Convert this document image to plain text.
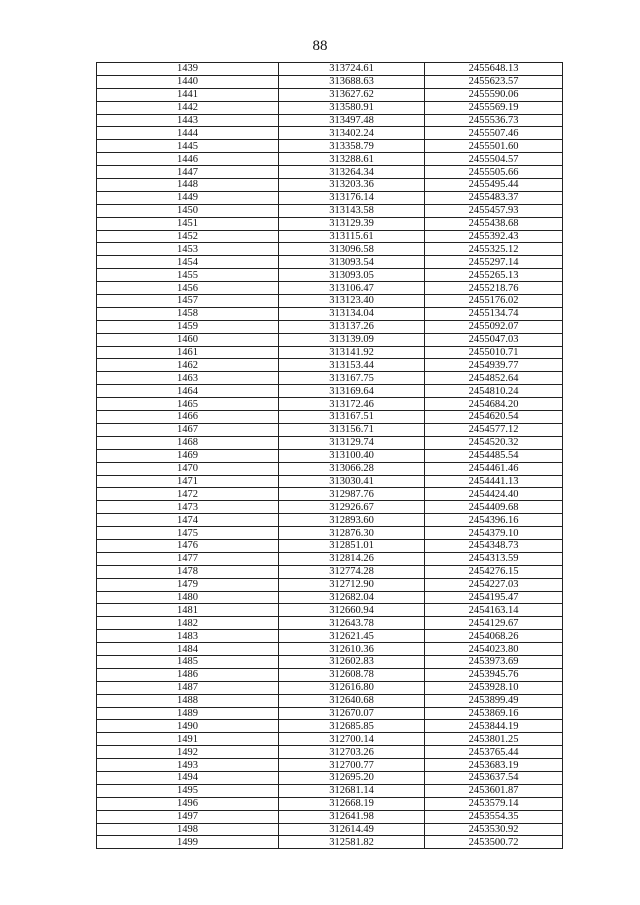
88
1439	313724.61	2455648.13
1440	313688.63	2455623.57
1441	313627.62	2455590.06
1442	313580.91	2455569.19
1443	313497.48	2455536.73
1444	313402.24	2455507.46
1445	313358.79	2455501.60
1446	313288.61	2455504.57
1447	313264.34	2455505.66
1448	313203.36	2455495.44
1449	313176.14	2455483.37
1450	313143.58	2455457.93
1451	313129.39	2455438.68
1452	313115.61	2455392.43
1453	313096.58	2455325.12
1454	313093.54	2455297.14
1455	313093.05	2455265.13
1456	313106.47	2455218.76
1457	313123.40	2455176.02
1458	313134.04	2455134.74
1459	313137.26	2455092.07
1460	313139.09	2455047.03
1461	313141.92	2455010.71
1462	313153.44	2454939.77
1463	313167.75	2454852.64
1464	313169.64	2454810.24
1465	313172.46	2454684.20
1466	313167.51	2454620.54
1467	313156.71	2454577.12
1468	313129.74	2454520.32
1469	313100.40	2454485.54
1470	313066.28	2454461.46
1471	313030.41	2454441.13
1472	312987.76	2454424.40
1473	312926.67	2454409.68
1474	312893.60	2454396.16
1475	312876.30	2454379.10
1476	312851.01	2454348.73
1477	312814.26	2454313.59
1478	312774.28	2454276.15
1479	312712.90	2454227.03
1480	312682.04	2454195.47
1481	312660.94	2454163.14
1482	312643.78	2454129.67
1483	312621.45	2454068.26
1484	312610.36	2454023.80
1485	312602.83	2453973.69
1486	312608.78	2453945.76
1487	312616.80	2453928.10
1488	312640.68	2453899.49
1489	312670.07	2453869.16
1490	312685.85	2453844.19
1491	312700.14	2453801.25
1492	312703.26	2453765.44
1493	312700.77	2453683.19
1494	312695.20	2453637.54
1495	312681.14	2453601.87
1496	312668.19	2453579.14
1497	312641.98	2453554.35
1498	312614.49	2453530.92
1499	312581.82	2453500.72
